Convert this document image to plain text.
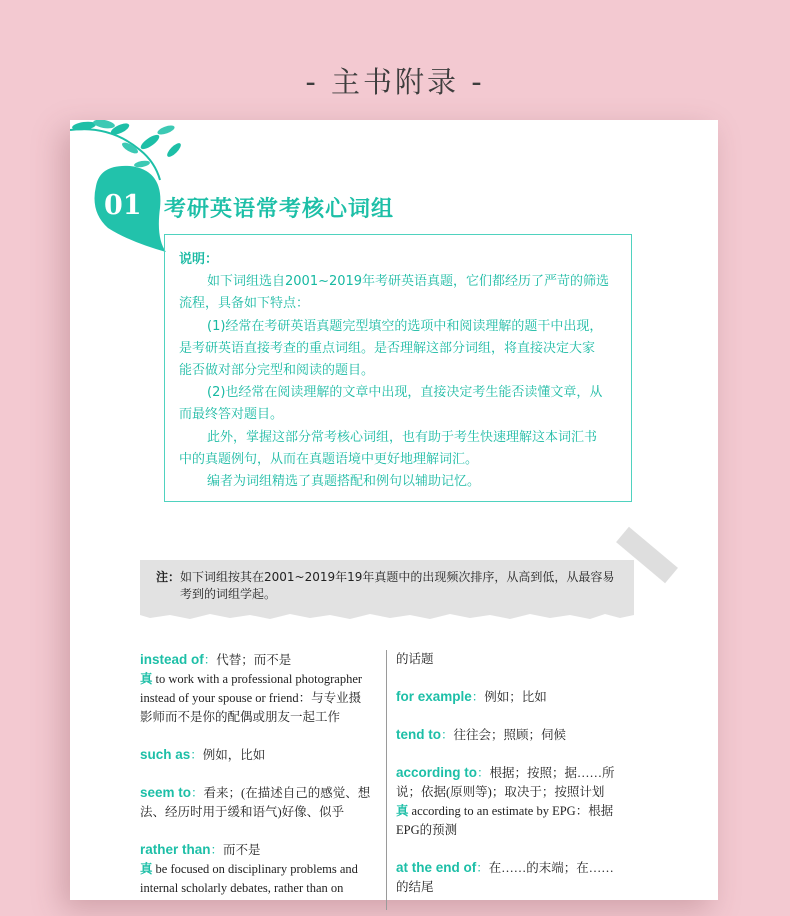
- 主书附录 -
01	考研英语常考核心词组

说明：

如下词组选自2001~2019年考研英语真题，它们都经历了严苛的筛选

流程，具备如下特点：

(1)经常在考研英语真题完型填空的选项中和阅读理解的题干中出现，

是考研英语直接考查的重点词组。是否理解这部分词组，将直接决定大家

能否做对部分完型和阅读的题目。

(2)也经常在阅读理解的文章中出现，直接决定考生能否读懂文章，从

而最终答对题目。

此外，掌握这部分常考核心词组，也有助于考生快速理解这本词汇书

中的真题例句，从而在真题语境中更好地理解词汇。

编者为词组精选了真题搭配和例句以辅助记忆。

注：如下词组按其在2001~2019年19年真题中的出现频次排序，从高到低，从最容易
考到的词组学起。
instead of：代替；而不是
真 to work with a professional photographer
instead of your spouse or friend：与专业摄
影师而不是你的配偶或朋友一起工作
such as：例如，比如
seem to：看来；(在描述自己的感觉、想
法、经历时用于缓和语气)好像、似乎
rather than：而不是
真 be focused on disciplinary problems and
internal scholarly debates, rather than on
的话题
for example：例如；比如
tend to：往往会；照顾；伺候
according to：根据；按照；据……所
说；依据(原则等)；取决于；按照计划
真 according to an estimate by EPG：根据
EPG的预测
at the end of：在……的末端；在……
的结尾
